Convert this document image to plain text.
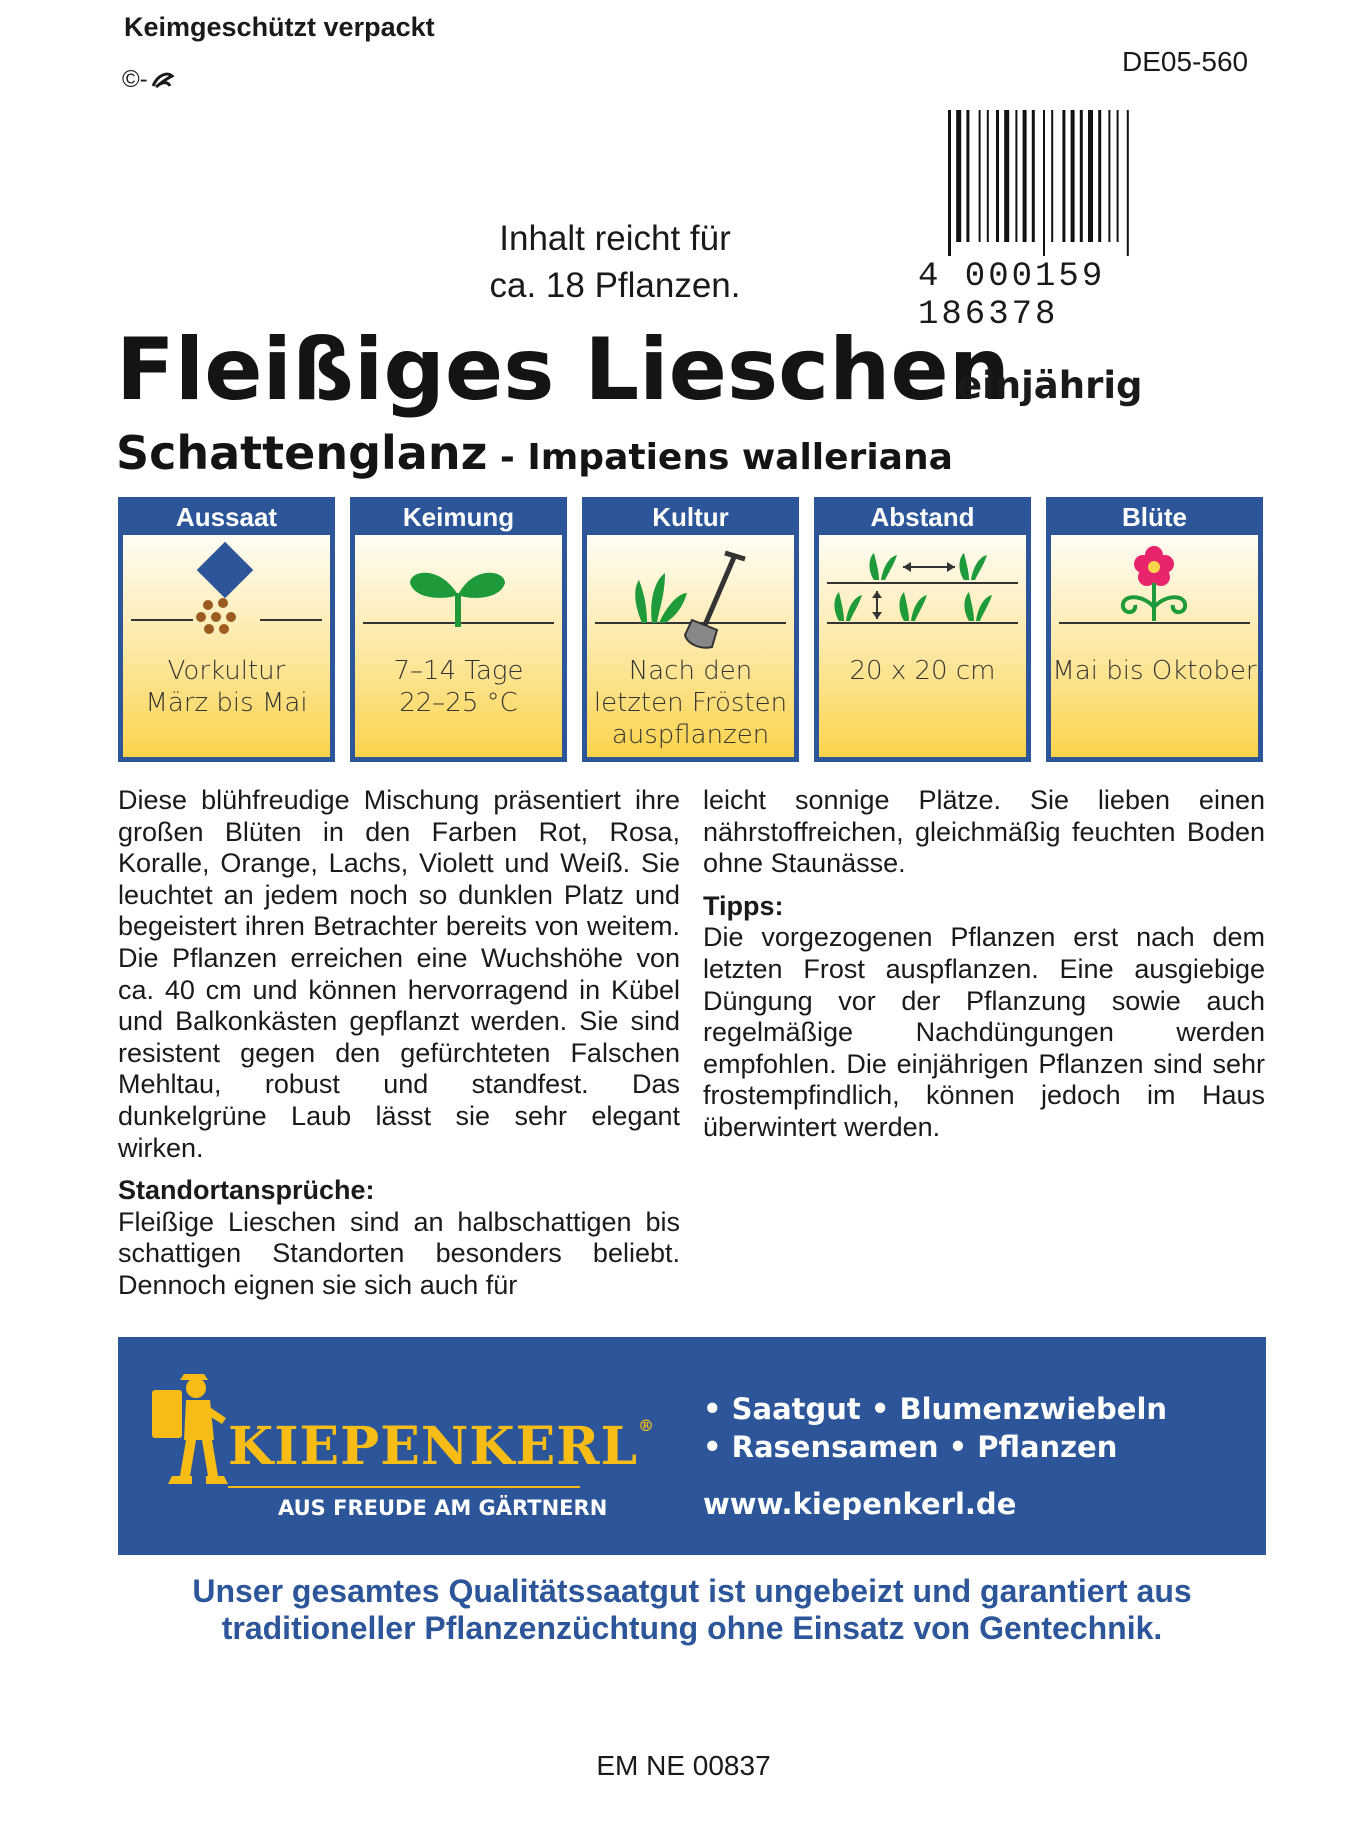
Keimgeschützt verpackt
©-
DE05-560
4 000159 186378
Inhalt reicht für
ca. 18 Pflanzen.
Fleißiges Lieschen
einjährig
Schattenglanz - Impatiens walleriana
Aussaat
Vorkultur
März bis Mai
Keimung
7–14 Tage
22–25 °C
Kultur
Nach den
letzten Frösten
auspflanzen
Abstand
20 x 20 cm
Blüte
Mai bis Oktober

Diese blühfreudige Mischung präsentiert ihre großen Blüten in den Farben Rot, Rosa, Koralle, Orange, Lachs, Violett und Weiß. Sie leuchtet an jedem noch so dunklen Platz und begeistert ihren Betrachter bereits von weitem. Die Pflanzen erreichen eine Wuchshöhe von ca. 40 cm und können hervorragend in Kübel und Balkonkästen gepflanzt werden. Sie sind resistent gegen den gefürchteten Falschen Mehltau, robust und standfest. Das dunkelgrüne Laub lässt sie sehr elegant wirken.

Standortansprüche:

Fleißige Lieschen sind an halbschattigen bis schattigen Standorten besonders beliebt. Dennoch eignen sie sich auch für

leicht sonnige Plätze. Sie lieben einen nährstoffreichen, gleichmäßig feuchten Boden ohne Staunässe.

Tipps:

Die vorgezogenen Pflanzen erst nach dem letzten Frost auspflanzen. Eine ausgiebige Düngung vor der Pflanzung sowie auch regelmäßige Nachdüngungen werden empfohlen. Die einjährigen Pflanzen sind sehr frostempfindlich, können jedoch im Haus überwintert werden.

KIEPENKERL®
AUS FREUDE AM GÄRTNERN
• Saatgut • Blumenzwiebeln
• Rasensamen • Pflanzen
www.kiepenkerl.de
Unser gesamtes Qualitätssaatgut ist ungebeizt und garantiert aus
traditioneller Pflanzenzüchtung ohne Einsatz von Gentechnik.
EM NE 00837
